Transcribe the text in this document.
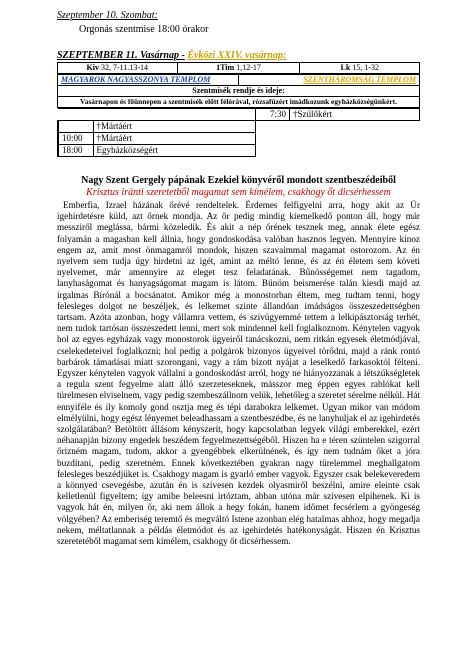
Szeptember 10. Szombat:
Orgonás szentmise 18:00 órakor
SZEPTEMBER 11. Vasárnap - Évközi XXIV. vasárnap:
Kiv 32, 7-11.13-14	1Tim 1,12-17	Lk 15, 1-32
MAGYAROK NAGYASSZONYA TEMPLOM	SZENTHÁROMSÁG TEMPLOM
Szentmisék rendje és ideje:
Vasárnapon és főünnepen a szentmisék előtt félórával, rózsafüzért imádkozunk egyházközségünkért.
	7:30	†Szülőkért

	†Mártáért

10:00	†Mártáért

18:00	Egyházközségért

Nagy Szent Gergely pápának Ezekiel könyvéről mondott szentbeszédeiből
Krisztus iránti szeretetből magamat sem kímélem, csakhogy őt dicsérhessem
Emberfia, Izrael házának őrévé rendeltelek. Érdemes felfigyelni arra, hogy akit az Úr igehirdetésre küld, azt őrnek mondja. Az őr pedig mindig kiemelkedő ponton áll, hogy már messziről meglássa, bármi közeledik. És akit a nép őrének tesznek meg, annak élete egész folyamán a magasban kell állnia, hogy gondoskodása valóban hasznos legyen. Mennyire kínoz engem az, amit most önmagamról mondok, hiszen szavaimmal magamat ostorozom. Az én nyelvem sem tudja úgy hirdetni az igét, amint az méltó lenne, és az én életem sem követi nyelvemet, már amennyire az eleget tesz feladatának. Bűnösségemet nem tagadom, lanyhaságomat és hanyagságomat magam is látom. Bűnöm beismerése talán kiesdi majd az irgalmas Bírónál a bocsánatot. Amikor még a monostorban éltem, meg tudtam tenni, hogy felesleges dolgot ne beszéljek, és lelkemet szinte állandóan imádságos összeszedettségben tartsam. Azóta azonban, hogy vállamra vettem, és szívügyemmé tettem a lelkipásztorság terhét, nem tudok tartósan összeszedett lenni, mert sok mindennel kell foglalkoznom. Kénytelen vagyok hol az egyes egyházak vagy monostorok ügyeiről tanácskozni, nem ritkán egyesek életmódjával, cselekedeteivel foglalkozni; hol pedig a polgárok bizonyos ügyeivel törődni, majd a ránk rontó barbárok támadásai miatt szorongani, vagy a rám bízott nyájat a leselkedő farkasoktól félteni. Egyszer kénytelen vagyok vállalni a gondoskodást arról, hogy ne hiányozzanak a létszükségletek a regula szent fegyelme alatt álló szerzeteseknek, másszor meg éppen egyes rablókat kell türelmesen elviselnem, vagy pedig szembeszállnom velük, lehetőleg a szeretet sérelme nélkül. Hát ennyiféle és ily komoly gond osztja meg és tépi darabokra lelkemet. Ugyan mikor van módom elmélyülni, hogy egész lényemet beleadhassam a szentbeszédbe, és ne lanyhuljak el az igehirdetés szolgálatában? Betöltött állásom kényszerít, hogy kapcsolatban legyek világi emberekkel, ezért néhanapján bizony engedek beszédem fegyelmezettségéből. Hiszen ha e téren szüntelen szigorral őrizném magam, tudom, akkor a gyengébbek elkerülnének, és így nem tudnám őket a jóra buzdítani, pedig szeretném. Ennek következtében gyakran nagy türelemmel meghallgatom felesleges beszédjüket is. Csakhogy magam is gyarló ember vagyok. Egyszer csak belekeveredem a könnyed csevegésbe, azután én is szívesen kezdek olyasmiről beszélni, amire eleinte csak kelletlenül figyeltem; így amibe beleesni irtóztam, abban utóna már szívesen elpihenek. Ki is vagyok hát én, milyen őr, aki nem állok a hegy fokán, hanem időmet fecsérlem a gyöngeség völgyében? Az emberiség teremtő és megváltó Istene azonban elég hatalmas ahhoz, hogy megadja nekem, méltatlannak a példás életmódot és az igehirdetés hatékonyságát. Hiszen én Krisztus szeretetéből magamat sem kímélem, csakhogy őt dicsérhessem.
